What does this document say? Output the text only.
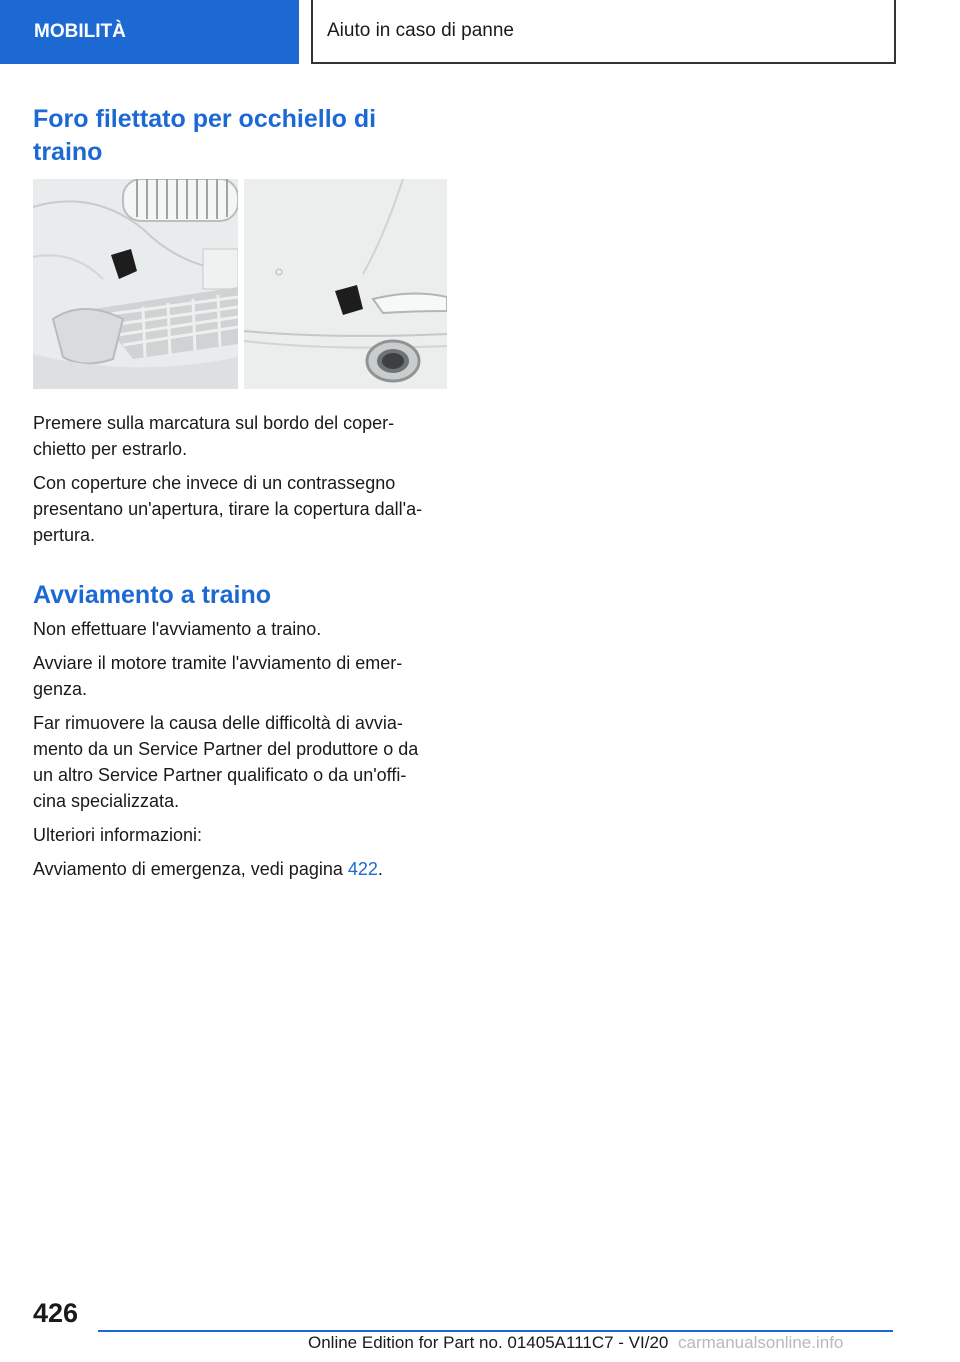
MOBILITÀ	Aiuto in caso di panne
Foro filettato per occhiello di
traino

Premere sulla marcatura sul bordo del coper‐
chietto per estrarlo.

Con coperture che invece di un contrassegno
presentano un'apertura, tirare la copertura dall'a‐
pertura.

Avviamento a traino

Non effettuare l'avviamento a traino.

Avviare il motore tramite l'avviamento di emer‐
genza.

Far rimuovere la causa delle difficoltà di avvia‐
mento da un Service Partner del produttore o da
un altro Service Partner qualificato o da un'offi‐
cina specializzata.

Ulteriori informazioni:

Avviamento di emergenza, vedi pagina 422.

426
Online Edition for Part no. 01405A111C7 - VI/20 carmanualsonline.info
